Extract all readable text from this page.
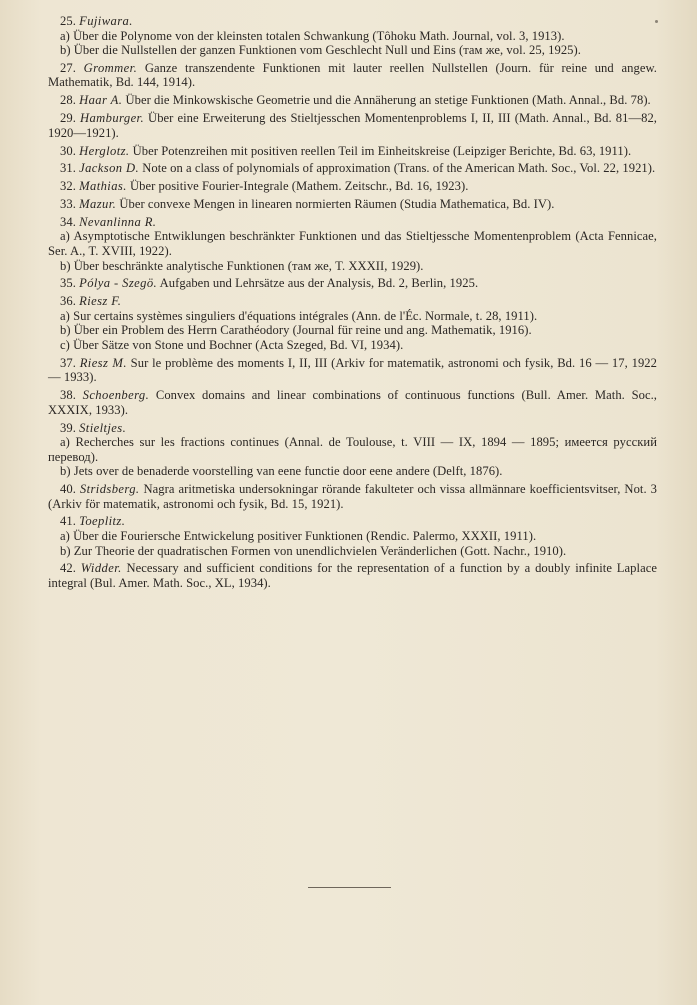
25. Fujiwara.

a) Über die Polynome von der kleinsten totalen Schwankung (Tôhoku Math. Journal, vol. 3, 1913).

b) Über die Nullstellen der ganzen Funktionen vom Geschlecht Null und Eins (там же, vol. 25, 1925).

27. Grommer. Ganze transzendente Funktionen mit lauter reellen Nullstellen (Journ. für reine und angew. Mathematik, Bd. 144, 1914).

28. Haar A. Über die Minkowskische Geometrie und die Annäherung an stetige Funktionen (Math. Annal., Bd. 78).

29. Hamburger. Über eine Erweiterung des Stieltjesschen Momentenproblems I, II, III (Math. Annal., Bd. 81—82, 1920—1921).

30. Herglotz. Über Potenzreihen mit positiven reellen Teil im Einheitskreise (Leipziger Berichte, Bd. 63, 1911).

31. Jackson D. Note on a class of polynomials of approximation (Trans. of the American Math. Soc., Vol. 22, 1921).

32. Mathias. Über positive Fourier-Integrale (Mathem. Zeitschr., Bd. 16, 1923).

33. Mazur. Über convexe Mengen in linearen normierten Räumen (Studia Mathematica, Bd. IV).

34. Nevanlinna R.

a) Asymptotische Entwiklungen beschränkter Funktionen und das Stieltjessche Momentenproblem (Acta Fennicae, Ser. A., T. XVIII, 1922).

b) Über beschränkte analytische Funktionen (там же, T. XXXII, 1929).

35. Pólya - Szegö. Aufgaben und Lehrsätze aus der Analysis, Bd. 2, Berlin, 1925.

36. Riesz F.

a) Sur certains systèmes singuliers d'équations intégrales (Ann. de l'Éc. Normale, t. 28, 1911).

b) Über ein Problem des Herrn Carathéodory (Journal für reine und ang. Mathematik, 1916).

c) Über Sätze von Stone und Bochner (Acta Szeged, Bd. VI, 1934).

37. Riesz M. Sur le problème des moments I, II, III (Arkiv for matematik, astronomi och fysik, Bd. 16 — 17, 1922 — 1933).

38. Schoenberg. Convex domains and linear combinations of continuous functions (Bull. Amer. Math. Soc., XXXIX, 1933).

39. Stieltjes.

a) Recherches sur les fractions continues (Annal. de Toulouse, t. VIII — IX, 1894 — 1895; имеется русский перевод).

b) Jets over de benaderde voorstelling van eene functie door eene andere (Delft, 1876).

40. Stridsberg. Nagra aritmetiska undersokningar rörande fakulteter och vissa allmännare koefficientsvitser, Not. 3 (Arkiv för matematik, astronomi och fysik, Bd. 15, 1921).

41. Toeplitz.

a) Über die Fouriersche Entwickelung positiver Funktionen (Rendic. Palermo, XXXII, 1911).

b) Zur Theorie der quadratischen Formen von unendlichvielen Veränderlichen (Gott. Nachr., 1910).

42. Widder. Necessary and sufficient conditions for the representation of a function by a doubly infinite Laplace integral (Bul. Amer. Math. Soc., XL, 1934).
